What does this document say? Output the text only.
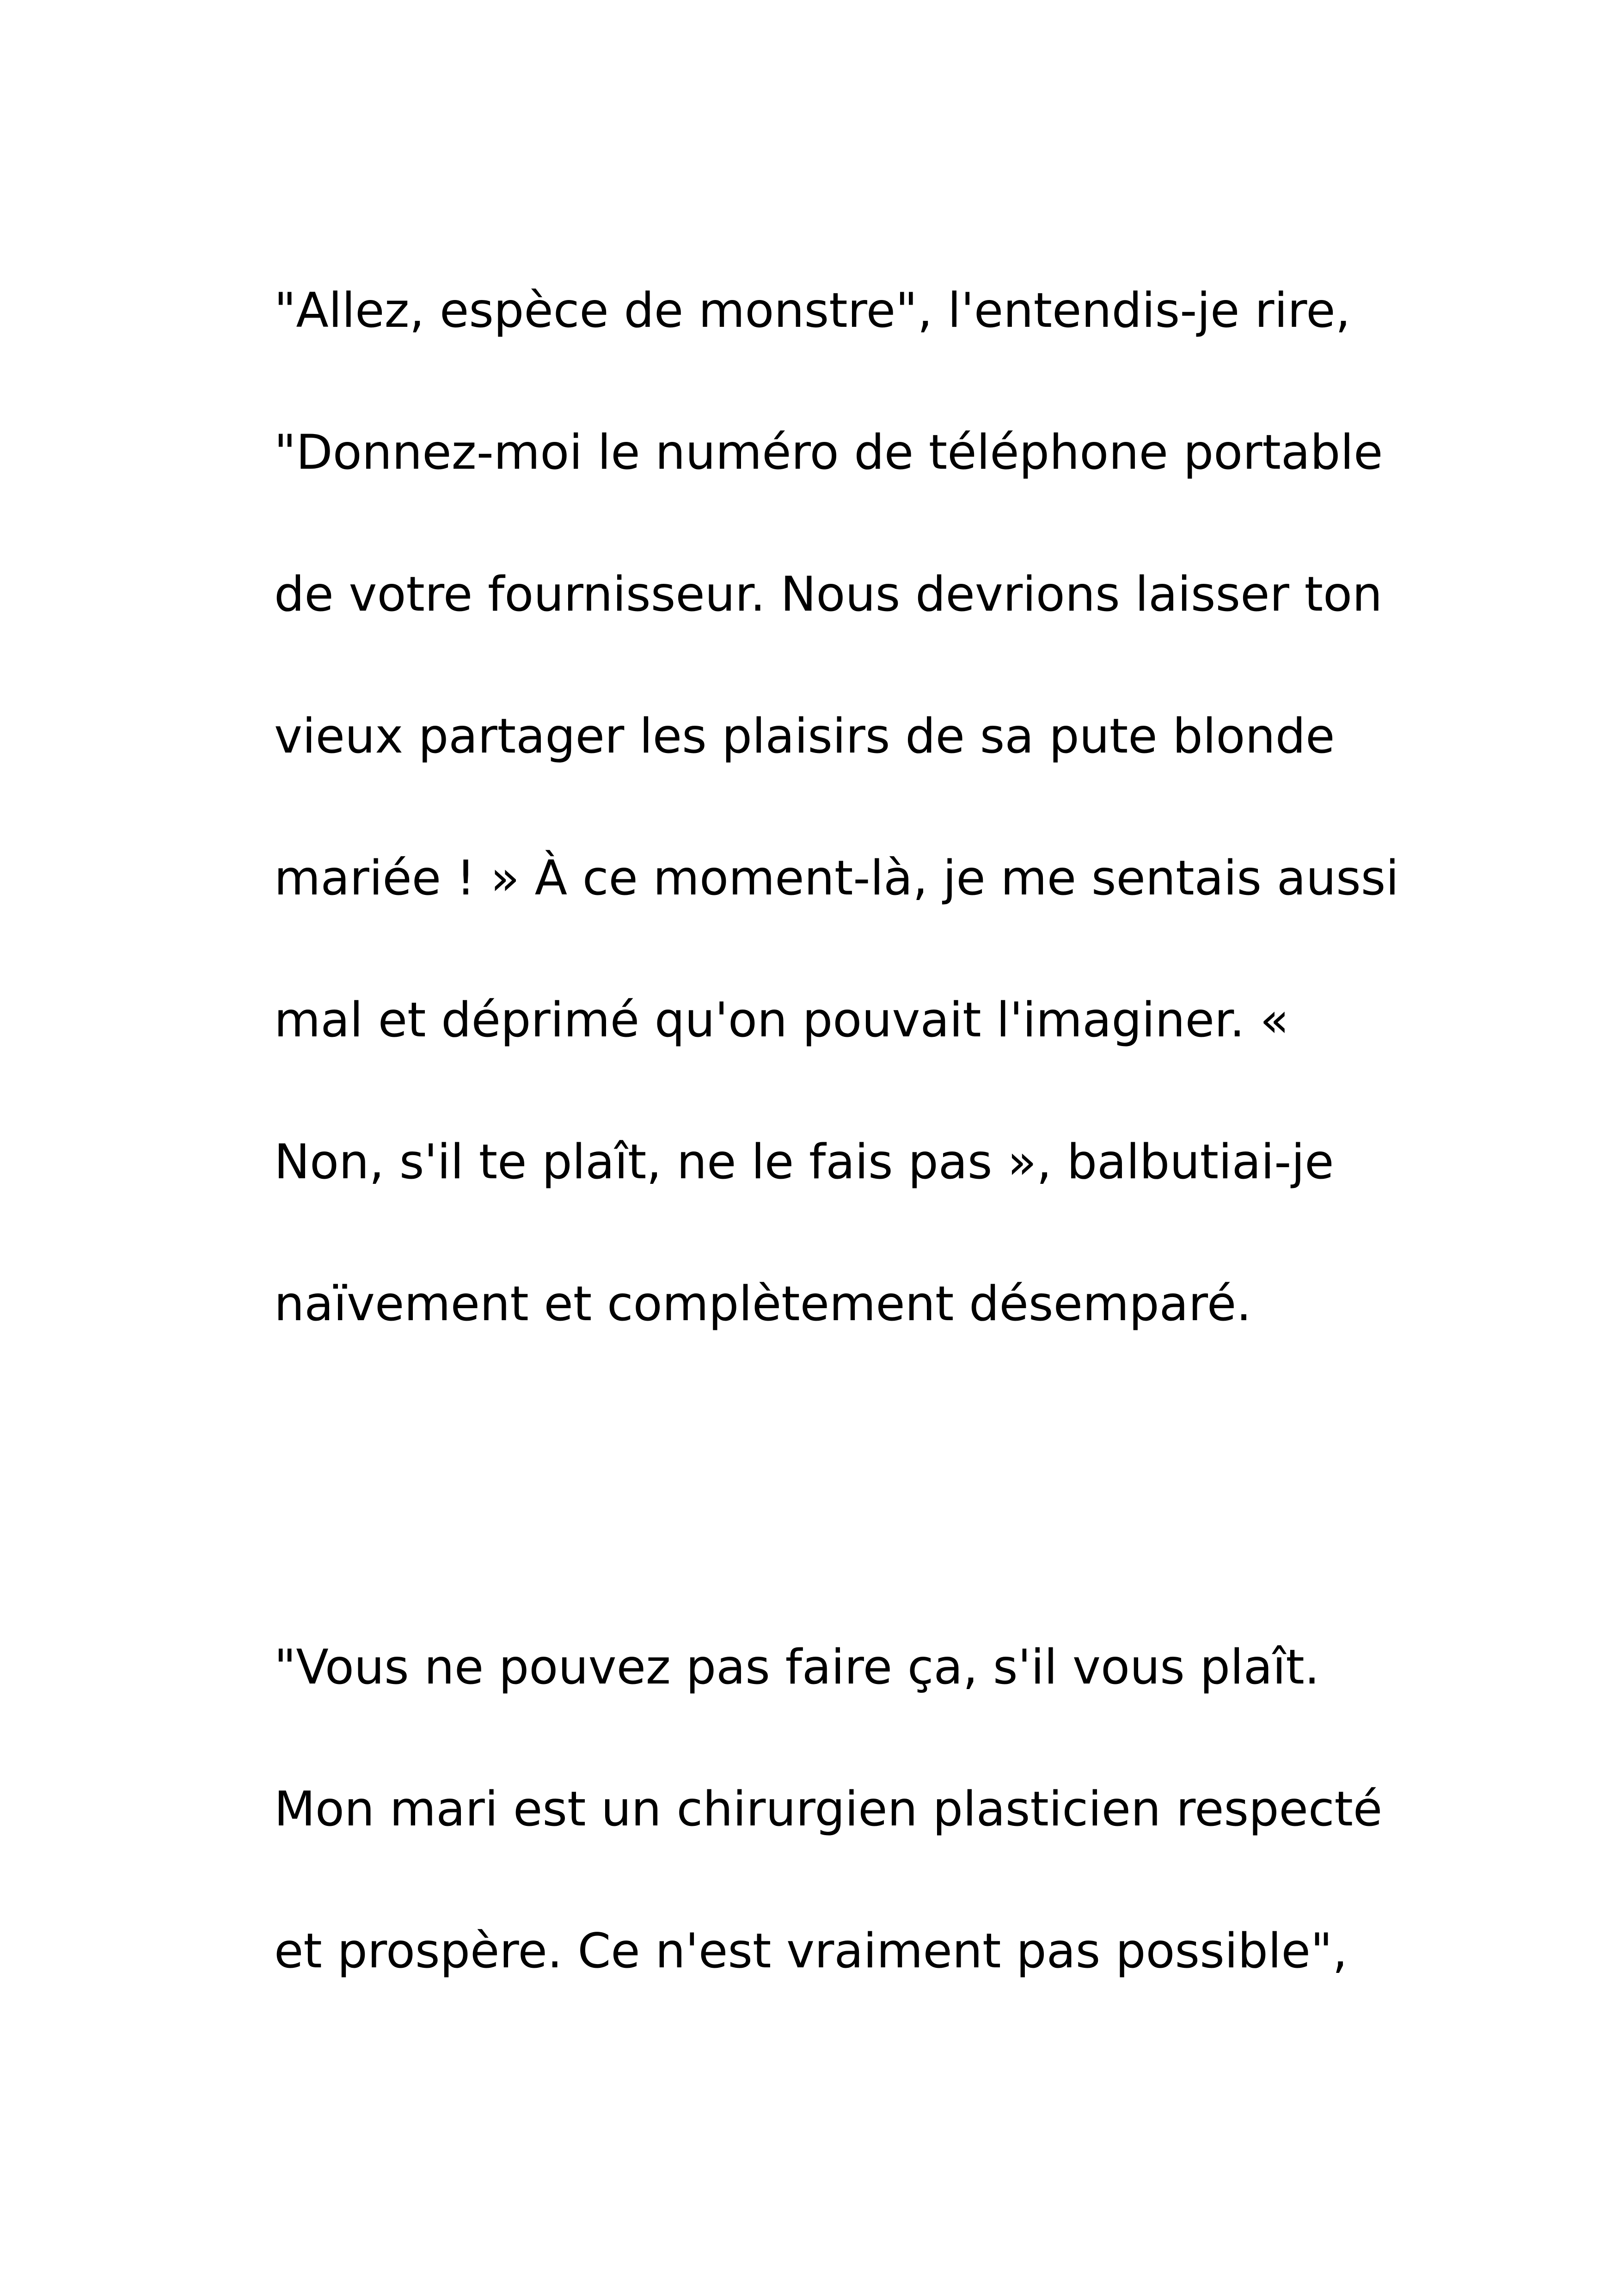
"Allez, espèce de monstre", l'entendis-je rire,

"Donnez-moi le numéro de téléphone portable

de votre fournisseur. Nous devrions laisser ton

vieux partager les plaisirs de sa pute blonde

mariée ! » À ce moment-là, je me sentais aussi

mal et déprimé qu'on pouvait l'imaginer. «

Non, s'il te plaît, ne le fais pas », balbutiai-je

naïvement et complètement désemparé.

"Vous ne pouvez pas faire ça, s'il vous plaît.

Mon mari est un chirurgien plasticien respecté

et prospère. Ce n'est vraiment pas possible",
